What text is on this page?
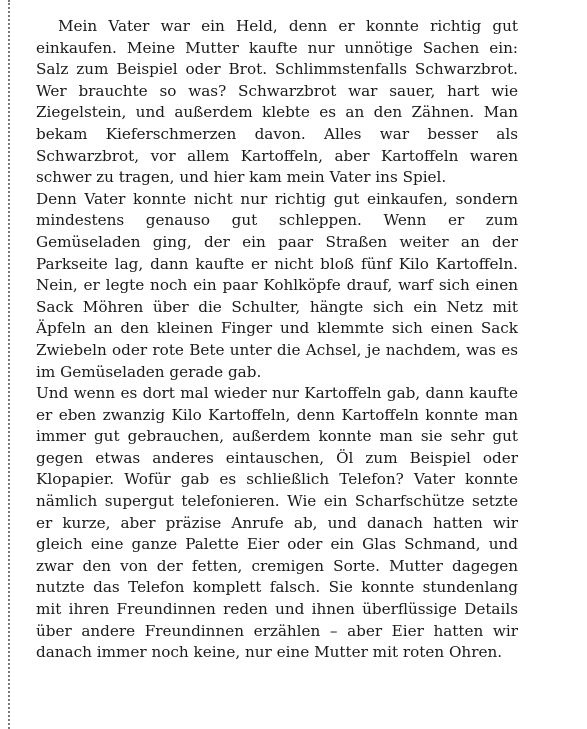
Mein Vater war ein Held, denn er konnte richtig gut einkaufen. Meine Mutter kaufte nur unnötige Sachen ein: Salz zum Beispiel oder Brot. Schlimmstenfalls Schwarzbrot. Wer brauchte so was? Schwarzbrot war sauer, hart wie Ziegelstein, und außerdem klebte es an den Zähnen. Man bekam Kieferschmerzen davon. Alles war besser als Schwarzbrot, vor allem Kartoffeln, aber Kartoffeln waren schwer zu tragen, und hier kam mein Vater ins Spiel.

Denn Vater konnte nicht nur richtig gut einkaufen, sondern mindestens genauso gut schleppen. Wenn er zum Gemüseladen ging, der ein paar Straßen weiter an der Parkseite lag, dann kaufte er nicht bloß fünf Kilo Kartoffeln. Nein, er legte noch ein paar Kohlköpfe drauf, warf sich einen Sack Möhren über die Schulter, hängte sich ein Netz mit Äpfeln an den kleinen Finger und klemmte sich einen Sack Zwiebeln oder rote Bete unter die Achsel, je nachdem, was es im Gemüseladen gerade gab.

Und wenn es dort mal wieder nur Kartoffeln gab, dann kaufte er eben zwanzig Kilo Kartoffeln, denn Kartoffeln konnte man immer gut gebrauchen, außerdem konnte man sie sehr gut gegen etwas anderes eintauschen, Öl zum Beispiel oder Klopapier. Wofür gab es schließlich Telefon? Vater konnte nämlich supergut telefonieren. Wie ein Scharfschütze setzte er kurze, aber präzise Anrufe ab, und danach hatten wir gleich eine ganze Palette Eier oder ein Glas Schmand, und zwar den von der fetten, cremigen Sorte. Mutter dagegen nutzte das Telefon komplett falsch. Sie konnte stundenlang mit ihren Freundinnen reden und ihnen überflüssige Details über andere Freundinnen erzählen – aber Eier hatten wir danach immer noch keine, nur eine Mutter mit roten Ohren.
